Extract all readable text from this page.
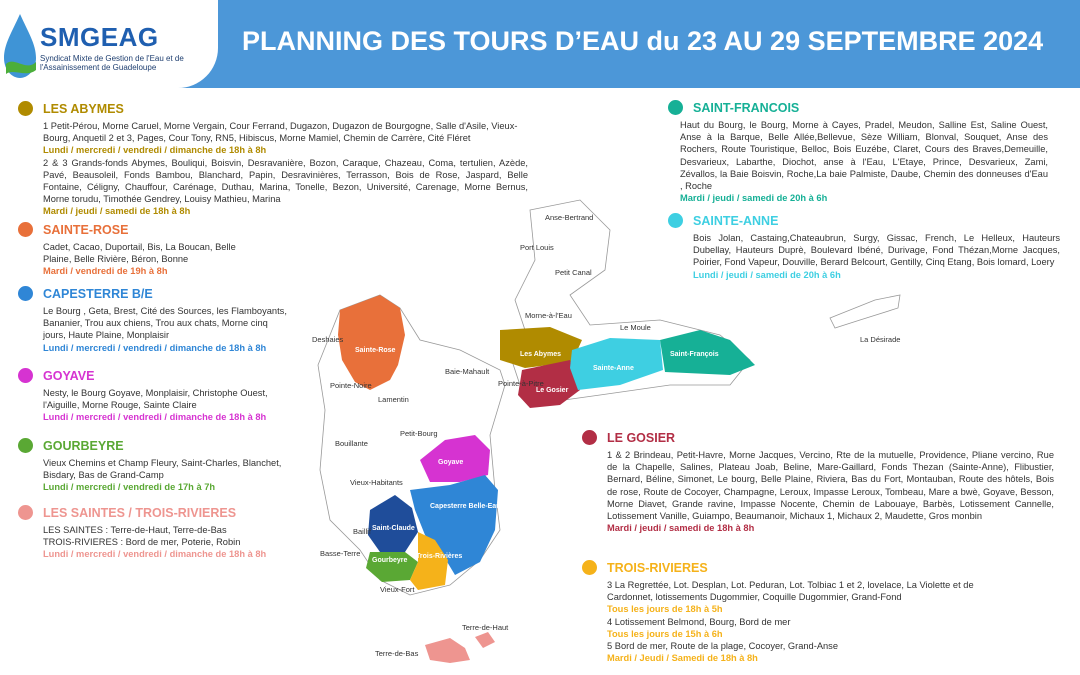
SMGEAG
Syndicat Mixte de Gestion de l'Eau et de l'Assainissement de Guadeloupe
PLANNING DES TOURS D’EAU du 23 AU 29 SEPTEMBRE 2024
LES ABYMES
1 Petit-Pérou, Morne Caruel, Morne Vergain, Cour Ferrand, Dugazon, Dugazon de Bourgogne, Salle d'Asile, Vieux-Bourg, Anquetil 2 et 3, Pages, Cour Tony, RN5, Hibiscus, Morne Mamiel, Chemin de Carrère, Cité Fléret
Lundi / mercredi / vendredi / dimanche de 18h à 8h
2 & 3 Grands-fonds Abymes, Bouliqui, Boisvin, Desravanière, Bozon, Caraque, Chazeau, Coma, tertulien, Azède, Pavé, Beausoleil, Fonds Bambou, Blanchard, Papin, Desravinières, Terrasson, Bois de Rose, Jaspard, Belle Fontaine, Céligny, Chauffour, Carénage, Duthau, Marina, Tonelle, Bezon, Université, Carenage, Morne Bernus, Morne torudu, Timothée Gendrey, Louisy Mathieu, Marina
Mardi / jeudi / samedi de 18h à 8h
SAINTE-ROSE
Cadet, Cacao, Duportail, Bis, La Boucan, Belle Plaine, Belle Rivière, Béron, Bonne
Mardi / vendredi de 19h à 8h
CAPESTERRE B/E
Le Bourg , Geta, Brest, Cité des Sources, les Flamboyants, Bananier, Trou aux chiens, Trou aux chats, Morne cinq jours, Haute Plaine, Monplaisir
Lundi / mercredi / vendredi / dimanche de 18h à 8h
GOYAVE
Nesty, le Bourg Goyave, Monplaisir, Christophe Ouest, l'Aiguille, Morne Rouge, Sainte Claire
Lundi / mercredi / vendredi / dimanche de 18h à 8h
GOURBEYRE
Vieux Chemins et Champ Fleury, Saint-Charles, Blanchet, Bisdary, Bas de Grand-Camp
Lundi / mercredi / vendredi de 17h à 7h
LES SAINTES / TROIS-RIVIERES
LES SAINTES : Terre-de-Haut, Terre-de-Bas
TROIS-RIVIERES : Bord de mer, Poterie, Robin
Lundi / mercredi / vendredi / dimanche de 18h à 8h
SAINT-FRANCOIS
Haut du Bourg, le Bourg, Morne à Cayes, Pradel, Meudon, Salline Est, Saline Ouest, Anse à la Barque, Belle Allée,Bellevue, Sèze William, Blonval, Souquet, Anse des Rochers, Route Touristique, Belloc, Bois Euzébe, Claret, Cours des Braves,Demeuille, Desvarieux, Labarthe, Diochot, anse à l'Eau, L'Etaye, Prince, Desvarieux, Zami, Zévallos, la Baie Boisvin, Roche,La baie Palmiste, Daube, Chemin des donneuses d'Eau , Roche
Mardi / jeudi / samedi de 20h à 6h
SAINTE-ANNE
Bois Jolan, Castaing,Chateaubrun, Surgy, Gissac, French, Le Helleux, Hauteurs Dubellay, Hauteurs Duprè, Boulevard Ibéné, Durivage, Fond Thézan,Morne Jacques, Poirier, Fond Vapeur, Douville, Berard Belcourt, Gentilly, Cinq Etang, Bois lomard, Loery
Lundi / jeudi / samedi de 20h à 6h
LE GOSIER
1 & 2 Brindeau, Petit-Havre, Morne Jacques, Vercino, Rte de la mutuelle, Providence, Pliane vercino, Rue de la Chapelle, Salines, Plateau Joab, Beline, Mare-Gaillard, Fonds Thezan (Sainte-Anne), Flibustier, Bernard, Béline, Simonet, Le bourg, Belle Plaine, Riviera, Bas du Fort, Montauban, Route des hôtels, Bois de rose, Route de Cocoyer, Champagne, Leroux, Impasse Leroux, Tombeau, Mare a bwè, Goyave, Besson, Morne Diavet, Grande ravine, Impasse Nocente, Chemin de Labouaye, Barbès, Lotissement Cannelle, Lotissement Vanille, Guiampo, Beaumanoir, Michaux 1, Michaux 2, Maudette, Gros monbin
Mardi / jeudi / samedi de 18h à 8h
TROIS-RIVIERES
3 La Regrettée, Lot. Desplan, Lot. Peduran, Lot. Tolbiac 1 et 2, lovelace, La Violette et de Cardonnet, lotissements Dugommier, Coquille Dugommier, Grand-Fond
Tous les jours de 18h à 5h
4 Lotissement Belmond, Bourg, Bord de mer
Tous les jours de 15h à 6h
5 Bord de mer, Route de la plage, Cocoyer, Grand-Anse
Mardi / Jeudi / Samedi de 18h à 8h
Sainte-Rose
Les Abymes
Le Gosier
Sainte-Anne
Saint-François
Goyave
Capesterre Belle-Eau
Saint-Claude
Gourbeyre
Trois-Rivières
Anse-Bertrand
Port Louis
Petit Canal
Morne-à-l'Eau
Le Moule
La Désirade
Deshaies
Pointe-Noire
Baie-Mahault
Pointe-à-Pitre
Lamentin
Bouillante
Petit-Bourg
Vieux-Habitants
Baillif
Basse-Terre
Vieux-Fort
Terre-de-Haut
Terre-de-Bas
